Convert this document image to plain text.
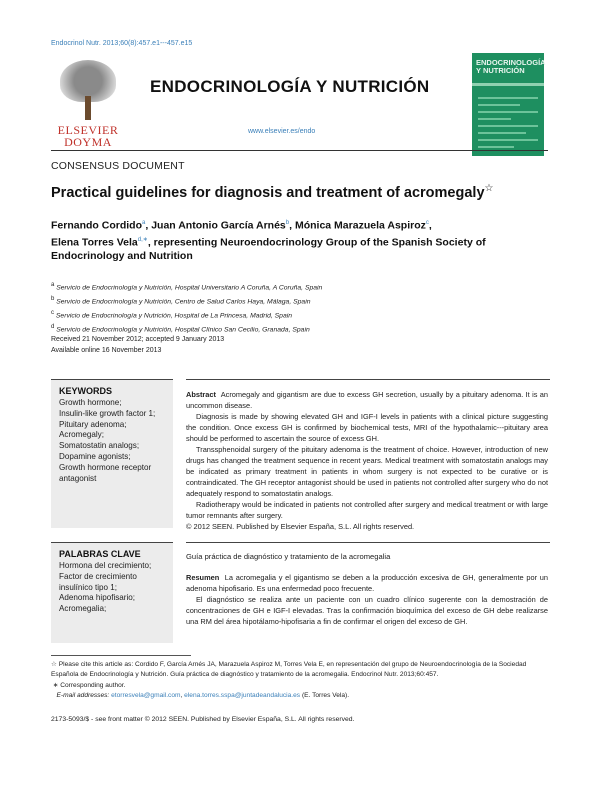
Endocrinol Nutr. 2013;60(8):457.e1---457.e15
ELSEVIER
DOYMA
ENDOCRINOLOGÍA Y NUTRICIÓN
www.elsevier.es/endo
ENDOCRINOLOGÍA Y NUTRICIÓN
CONSENSUS DOCUMENT
Practical guidelines for diagnosis and treatment of acromegaly☆
Fernando Cordido$^a$, Juan Antonio García Arnés$^b$, Mónica Marazuela Aspiroz$^c$,
Elena Torres Vela$^{d,∗}$, representing Neuroendocrinology Group of the Spanish Society of Endocrinology and Nutrition
$^a$ Servicio de Endocrinología y Nutrición, Hospital Universitario A Coruña, A Coruña, Spain
$^b$ Servicio de Endocrinología y Nutrición, Centro de Salud Carlos Haya, Málaga, Spain
$^c$ Servicio de Endocrinología y Nutrición, Hospital de La Princesa, Madrid, Spain
$^d$ Servicio de Endocrinología y Nutrición, Hospital Clínico San Cecilio, Granada, Spain
Received 21 November 2012; accepted 9 January 2013
Available online 16 November 2013
KEYWORDS
Growth hormone;
Insulin-like growth factor 1;
Pituitary adenoma;
Acromegaly;
Somatostatin analogs;
Dopamine agonists;
Growth hormone receptor antagonist

Abstract Acromegaly and gigantism are due to excess GH secretion, usually by a pituitary adenoma. It is an uncommon disease.

Diagnosis is made by showing elevated GH and IGF-I levels in patients with a clinical picture suggesting the condition. Once excess GH is confirmed by biochemical tests, MRI of the hypothalamic---pituitary area should be performed to ascertain the source of excess GH.

Transsphenoidal surgery of the pituitary adenoma is the treatment of choice. However, introduction of new drugs has changed the treatment sequence in recent years. Medical treatment with somatostatin analogs may be indicated as primary treatment in patients in whom surgery is not expected to be curative or is contraindicated. The GH receptor antagonist should be used in patients not controlled after surgery who do not adequately respond to somatostatin analogs.

Radiotherapy would be indicated in patients not controlled after surgery and medical treatment or with large tumor remnants after surgery.

© 2012 SEEN. Published by Elsevier España, S.L. All rights reserved.

PALABRAS CLAVE
Hormona del crecimiento;
Factor de crecimiento insulínico tipo 1;
Adenoma hipofisario;
Acromegalia;
Guía práctica de diagnóstico y tratamiento de la acromegalia

Resumen La acromegalia y el gigantismo se deben a la producción excesiva de GH, generalmente por un adenoma hipofisario. Es una enfermedad poco frecuente.

El diagnóstico se realiza ante un paciente con un cuadro clínico sugerente con la demostración de concentraciones de GH e IGF-I elevadas. Tras la confirmación bioquímica del exceso de GH debe realizarse una RM del área hipotálamo-hipofisaria a fin de confirmar el origen del exceso de GH.

☆ Please cite this article as: Cordido F, García Arnés JA, Marazuela Aspiroz M, Torres Vela E, en representación del grupo de Neuroendocrinología de la Sociedad Española de Endocrinología y Nutrición. Guía práctica de diagnóstico y tratamiento de la acromegalia. Endocrinol Nutr. 2013;60:457.

∗ Corresponding author.

E-mail addresses: etorresvela@gmail.com, elena.torres.sspa@juntadeandalucia.es (E. Torres Vela).

2173-5093/$ - see front matter © 2012 SEEN. Published by Elsevier España, S.L. All rights reserved.
